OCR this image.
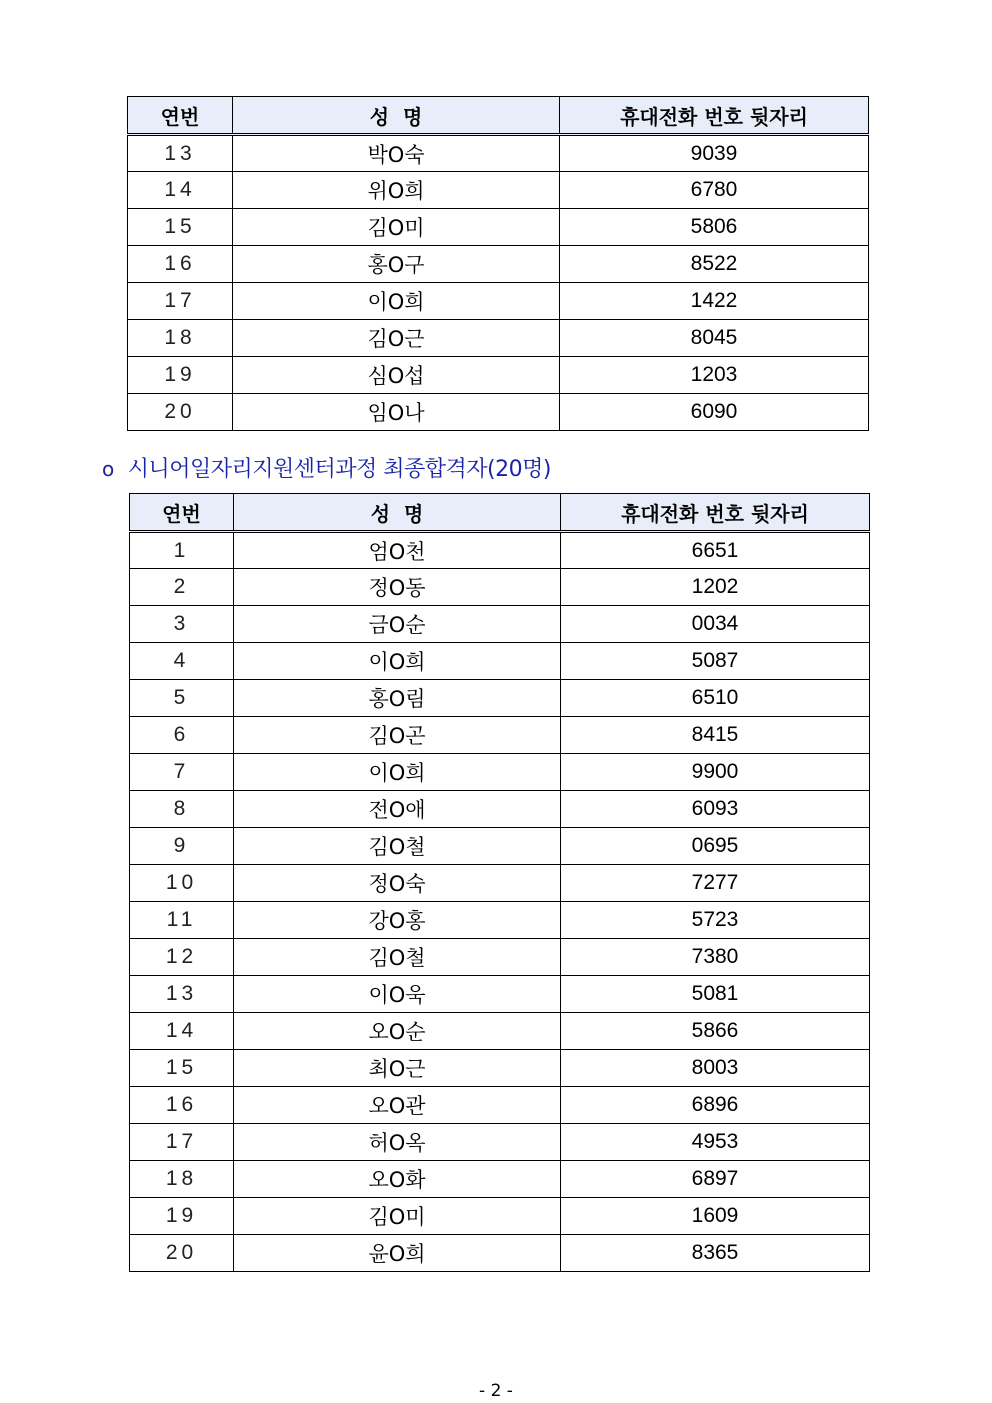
연번	성  명	휴대전화 번호 뒷자리
13	박O숙	9039
14	위O희	6780
15	김O미	5806
16	홍O구	8522
17	이O희	1422
18	김O근	8045
19	심O섭	1203
20	임O나	6090
o 시니어일자리지원센터과정 최종합격자(20명)
연번	성  명	휴대전화 번호 뒷자리
1	엄O천	6651
2	정O동	1202
3	금O순	0034
4	이O희	5087
5	홍O림	6510
6	김O곤	8415
7	이O희	9900
8	전O애	6093
9	김O철	0695
10	정O숙	7277
11	강O홍	5723
12	김O철	7380
13	이O욱	5081
14	오O순	5866
15	최O근	8003
16	오O관	6896
17	허O옥	4953
18	오O화	6897
19	김O미	1609
20	윤O희	8365
- 2 -
